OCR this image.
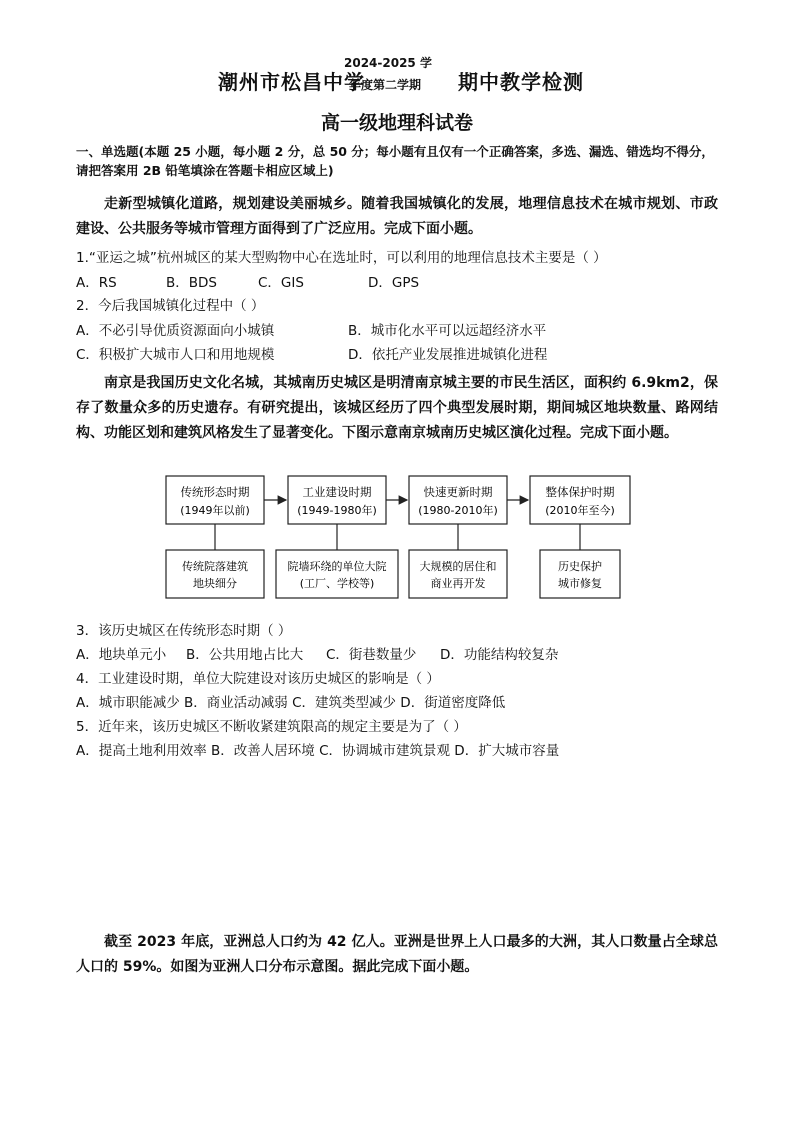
潮州市松昌中学
2024-2025 学
年度第二学期 期中教学检测
高一级地理科试卷
一、单选题(本题 25 小题，每小题 2 分，总 50 分；每小题有且仅有一个正确答案，多选、漏选、错选均不得分，请把答案用 2B 铅笔填涂在答题卡相应区域上)
走新型城镇化道路，规划建设美丽城乡。随着我国城镇化的发展，地理信息技术在城市规划、市政建设、公共服务等城市管理方面得到了广泛应用。完成下面小题。
1.“亚运之城”杭州城区的某大型购物中心在选址时，可以利用的地理信息技术主要是（ ）
A．RS	B．BDS	C．GIS	D．GPS
2．今后我国城镇化过程中（ ）
A．不必引导优质资源面向小城镇	B．城市化水平可以远超经济水平
C．积极扩大城市人口和用地规模	D．依托产业发展推进城镇化进程
南京是我国历史文化名城，其城南历史城区是明清南京城主要的市民生活区，面积约 6.9km2，保存了数量众多的历史遗存。有研究提出，该城区经历了四个典型发展时期，期间城区地块数量、路网结构、功能区划和建筑风格发生了显著变化。下图示意南京城南历史城区演化过程。完成下面小题。
传统形态时期
(1949年以前)
工业建设时期
(1949-1980年)
快速更新时期
(1980-2010年)
整体保护时期
(2010年至今)
传统院落建筑
地块细分
院墙环绕的单位大院
(工厂、学校等)
大规模的居住和
商业再开发
历史保护
城市修复
3．该历史城区在传统形态时期（ ）
A．地块单元小 B．公共用地占比大 C．街巷数量少 D．功能结构较复杂
4．工业建设时期，单位大院建设对该历史城区的影响是（ ）
A．城市职能减少 B．商业活动减弱 C．建筑类型减少 D．街道密度降低
5．近年来，该历史城区不断收紧建筑限高的规定主要是为了（ ）
A．提高土地利用效率 B．改善人居环境 C．协调城市建筑景观 D．扩大城市容量
截至 2023 年底，亚洲总人口约为 42 亿人。亚洲是世界上人口最多的大洲，其人口数量占全球总人口的 59%。如图为亚洲人口分布示意图。据此完成下面小题。
